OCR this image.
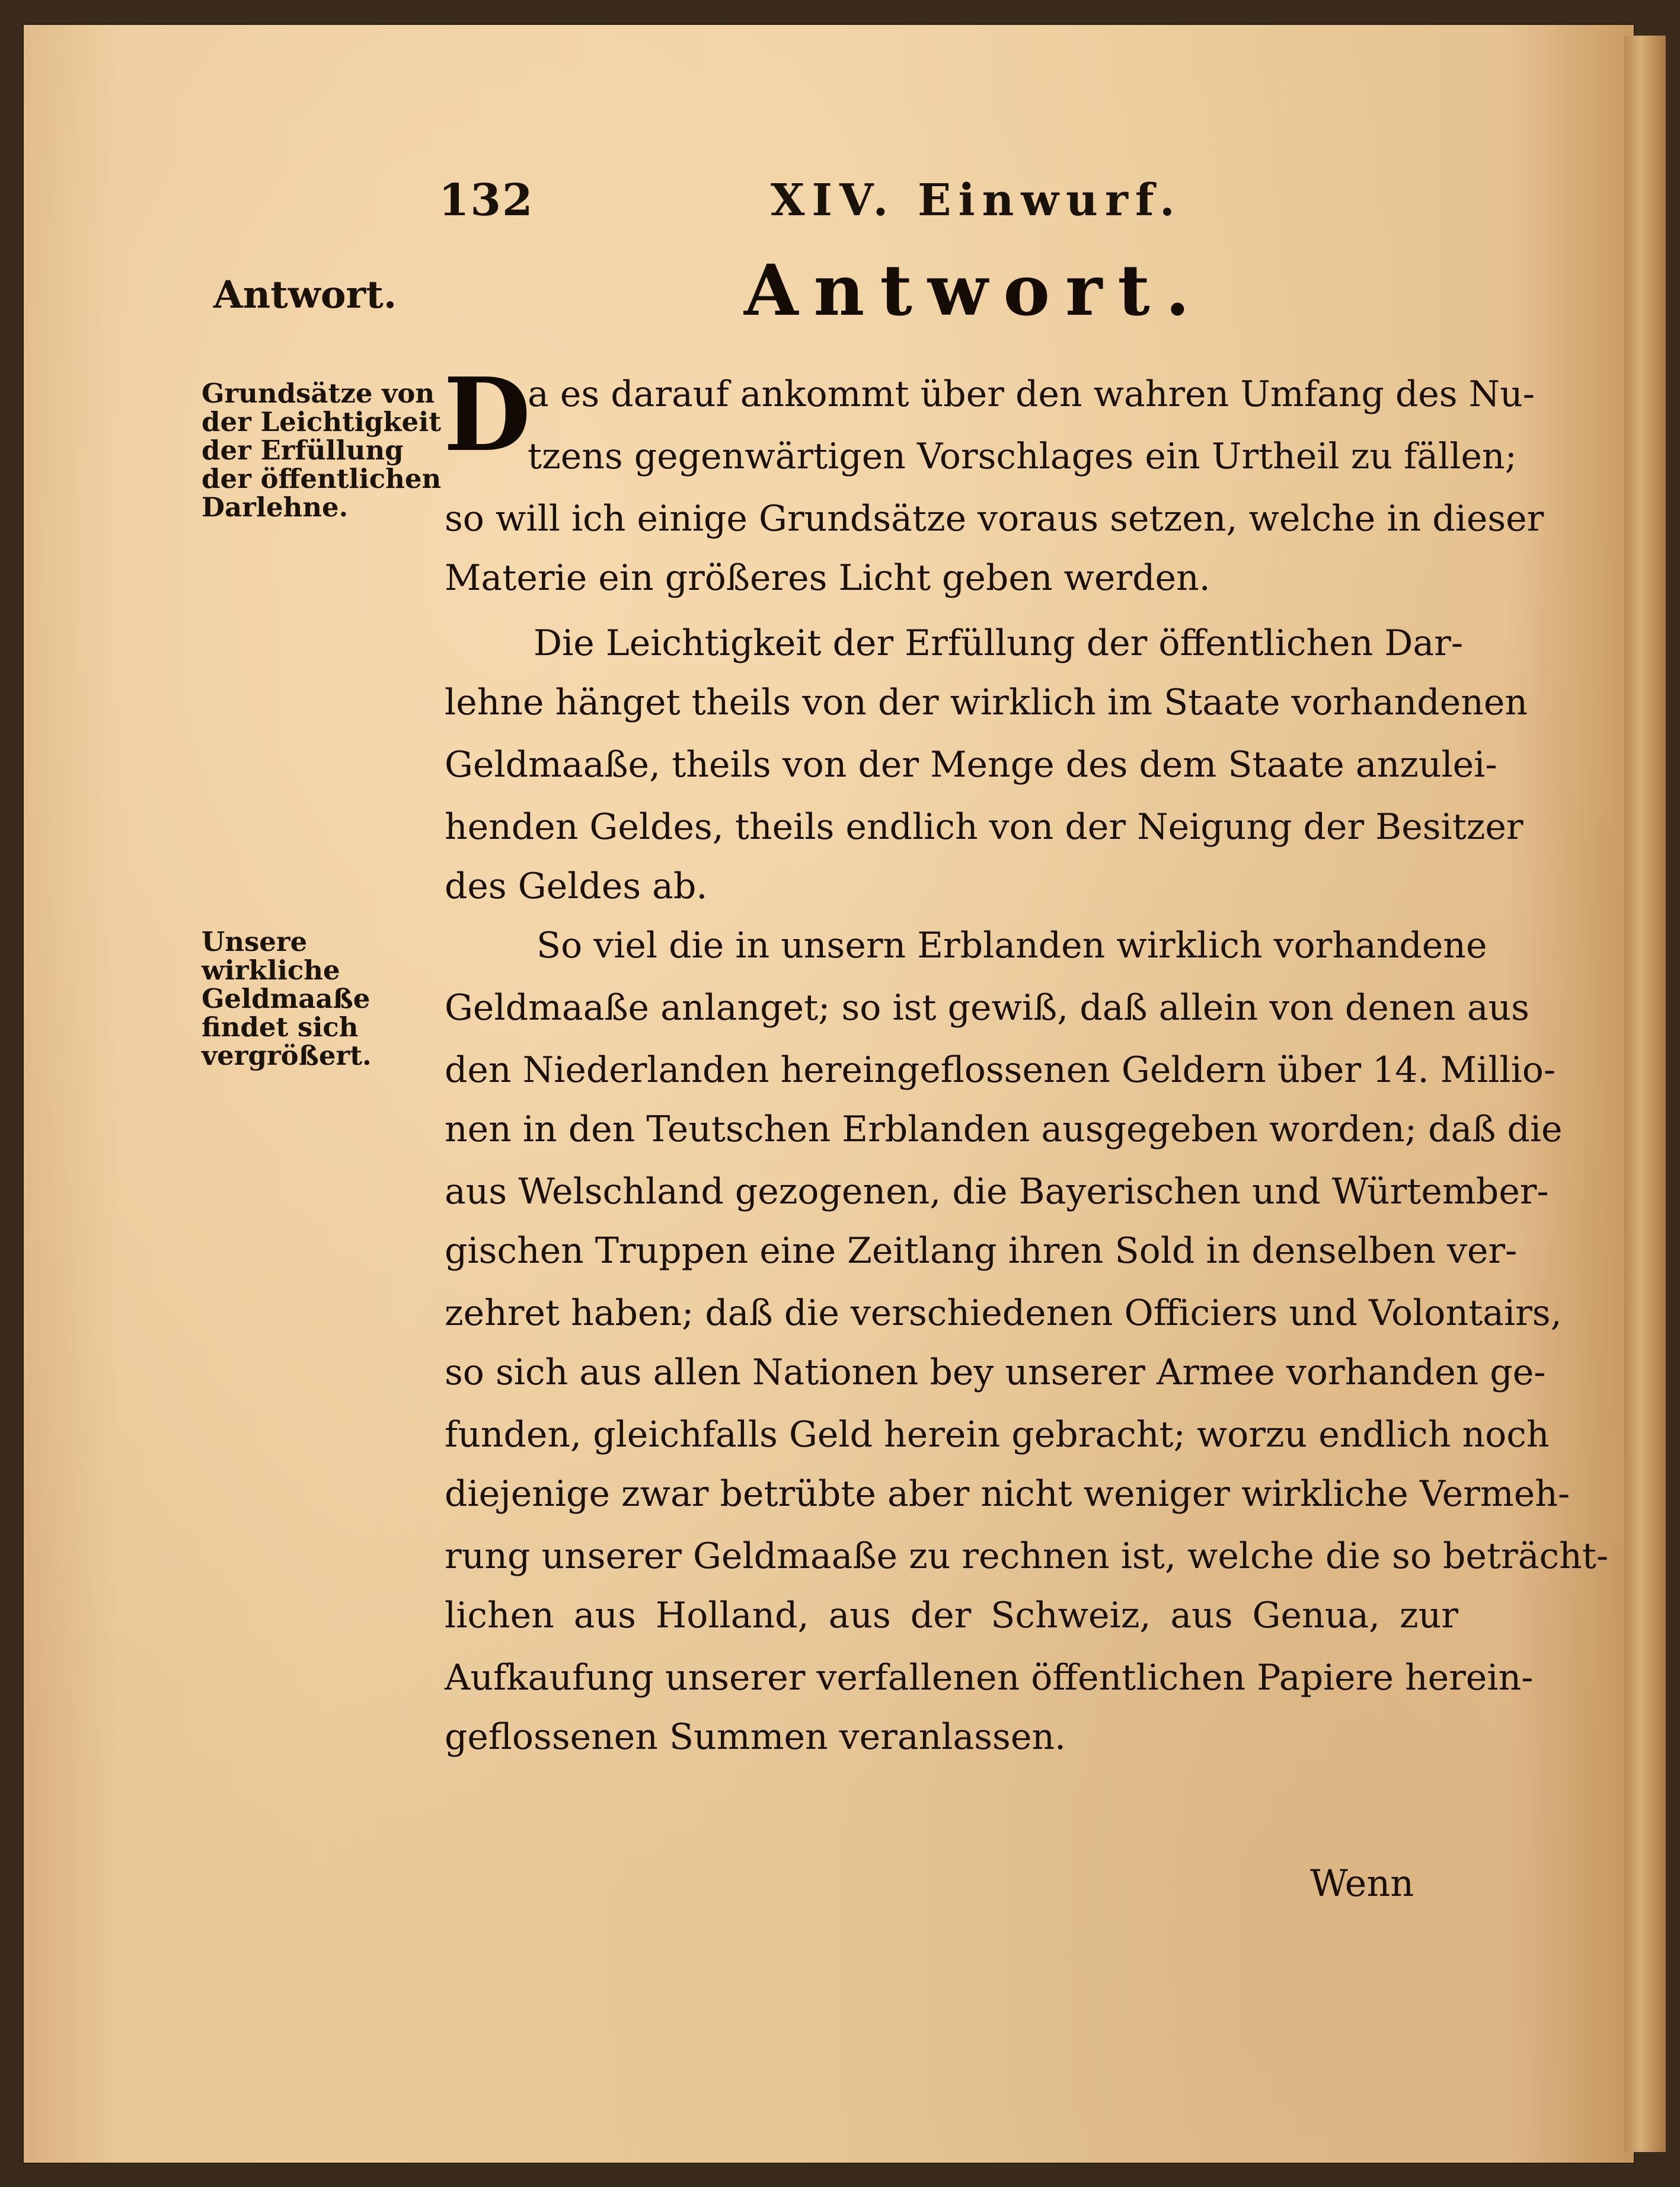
132	XIV. Einwurf.
Antwort.	Antwort.
Grundsätze von der Leichtigkeit der Erfüllung der öffentlichen Darlehne.
Unsere wirkliche Geldmaaße findet sich vergrößert.
D
a es darauf ankommt über den wahren Umfang des Nu-
tzens gegenwärtigen Vorschlages ein Urtheil zu fällen;
so will ich einige Grundsätze voraus setzen, welche in dieser
Materie ein größeres Licht geben werden.
Die Leichtigkeit der Erfüllung der öffentlichen Dar-
lehne hänget theils von der wirklich im Staate vorhandenen
Geldmaaße, theils von der Menge des dem Staate anzulei-
henden Geldes, theils endlich von der Neigung der Besitzer
des Geldes ab.
So viel die in unsern Erblanden wirklich vorhandene
Geldmaaße anlanget; so ist gewiß, daß allein von denen aus
den Niederlanden hereingeflossenen Geldern über 14. Millio-
nen in den Teutschen Erblanden ausgegeben worden; daß die
aus Welschland gezogenen, die Bayerischen und Würtember-
gischen Truppen eine Zeitlang ihren Sold in denselben ver-
zehret haben; daß die verschiedenen Officiers und Volontairs,
so sich aus allen Nationen bey unserer Armee vorhanden ge-
funden, gleichfalls Geld herein gebracht; worzu endlich noch
diejenige zwar betrübte aber nicht weniger wirkliche Vermeh-
rung unserer Geldmaaße zu rechnen ist, welche die so beträcht-
lichen aus Holland, aus der Schweiz, aus Genua, zur
Aufkaufung unserer verfallenen öffentlichen Papiere herein-
geflossenen Summen veranlassen.
Wenn
